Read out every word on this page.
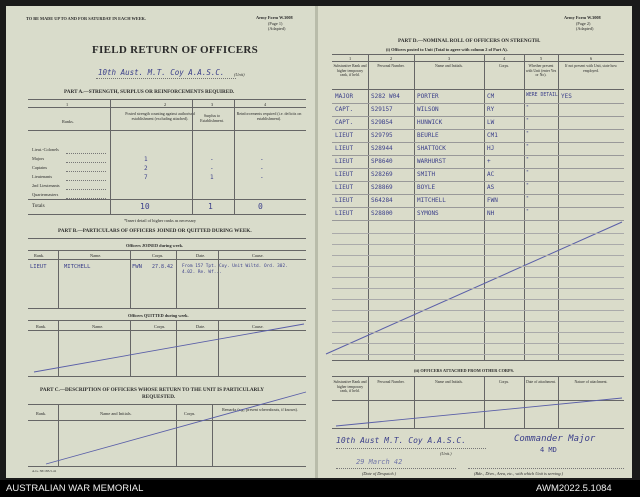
TO BE MADE UP TO AND FOR SATURDAY IN EACH WEEK.	Army Form W.3008
(Page 1)
(Adapted)
FIELD RETURN OF OFFICERS
10th Aust. M.T. Coy A.A.S.C. (Unit)
PART A.—STRENGTH, SURPLUS OR REINFORCEMENTS REQUIRED.
1	2	3	4
Ranks.
Posted strength counting against authorised establishment (excluding attached).
Surplus to Establishment.
Reinforcements required (i.e. deficits on establishment).
Totals	10	1	0
*Insert detail of higher ranks as necessary
PART B.—PARTICULARS OF OFFICERS JOINED OR QUITTED DURING WEEK.
Officers JOINED during week.
Rank.	Name.	Corps.	Date.	Cause.
LIEUT	MITCHELL	FWN 27.8.42 From 157 Tpt. Coy. Unit Wiltd. Ord. 302. 4.02. Re. Wf...
Officers QUITTED during week.
Rank.	Name.	Corps.	Date.	Cause.
PART C.—DESCRIPTION OF OFFICERS WHOSE RETURN TO THE UNIT IS PARTICULARLY
REQUESTED.
Rank.	Name and Initials.	Corps.
Remarks (e.g., present whereabouts, if known).
A.G. 38/183.5.41
Lieut.-Colonels
Majors	1	-	-
Captains	2	-	-
Lieutenants	7	1	-
2nd Lieutenants
Quartermasters
Army Form W.3008
(Page 2)
(Adapted)
PART D.—NOMINAL ROLL OF OFFICERS ON STRENGTH.
(i) Officers posted to Unit (Total to agree with column 2 of Part A).
(ii) OFFICERS ATTACHED FROM OTHER CORPS.
10th Aust M.T. Coy A.A.S.C.	Commander Major
4 MD
(Unit.)
29 March 42
(Date of Despatch.)	(Bde., Divn., Area, etc., with which Unit is serving.)
1	2	3	4	5	6
Substantive Rank and higher temporary rank, if held.
Personal Number.	Name and Initials.	Corps.	Whether present with Unit (enter Yes or No).
If not present with Unit, state how employed.
Substantive Rank and higher temporary rank, if held.
Personal Number.	Name and Initials.	Corps.	Date of attachment.	Nature of attachment.
MAJOR	S282 W04	PORTER	CM	WERE DETAIL YES
CAPT.	S29157	WILSON	RY	"
CAPT.	S29B54	HUNWICK	LW	"
LIEUT	S29795	BEURLE	CM1	"
LIEUT	S28944	SHATTOCK	HJ	"
LIEUT	SP8640	WARHURST	+	"
LIEUT	S28269	SMITH	AC	"
LIEUT	S28869	BOYLE	AS	"
LIEUT	S64284	MITCHELL	FWN	"
LIEUT	S28800	SYMONS	NH	"
AUSTRALIAN WAR MEMORIAL	AWM2022.5.1084
